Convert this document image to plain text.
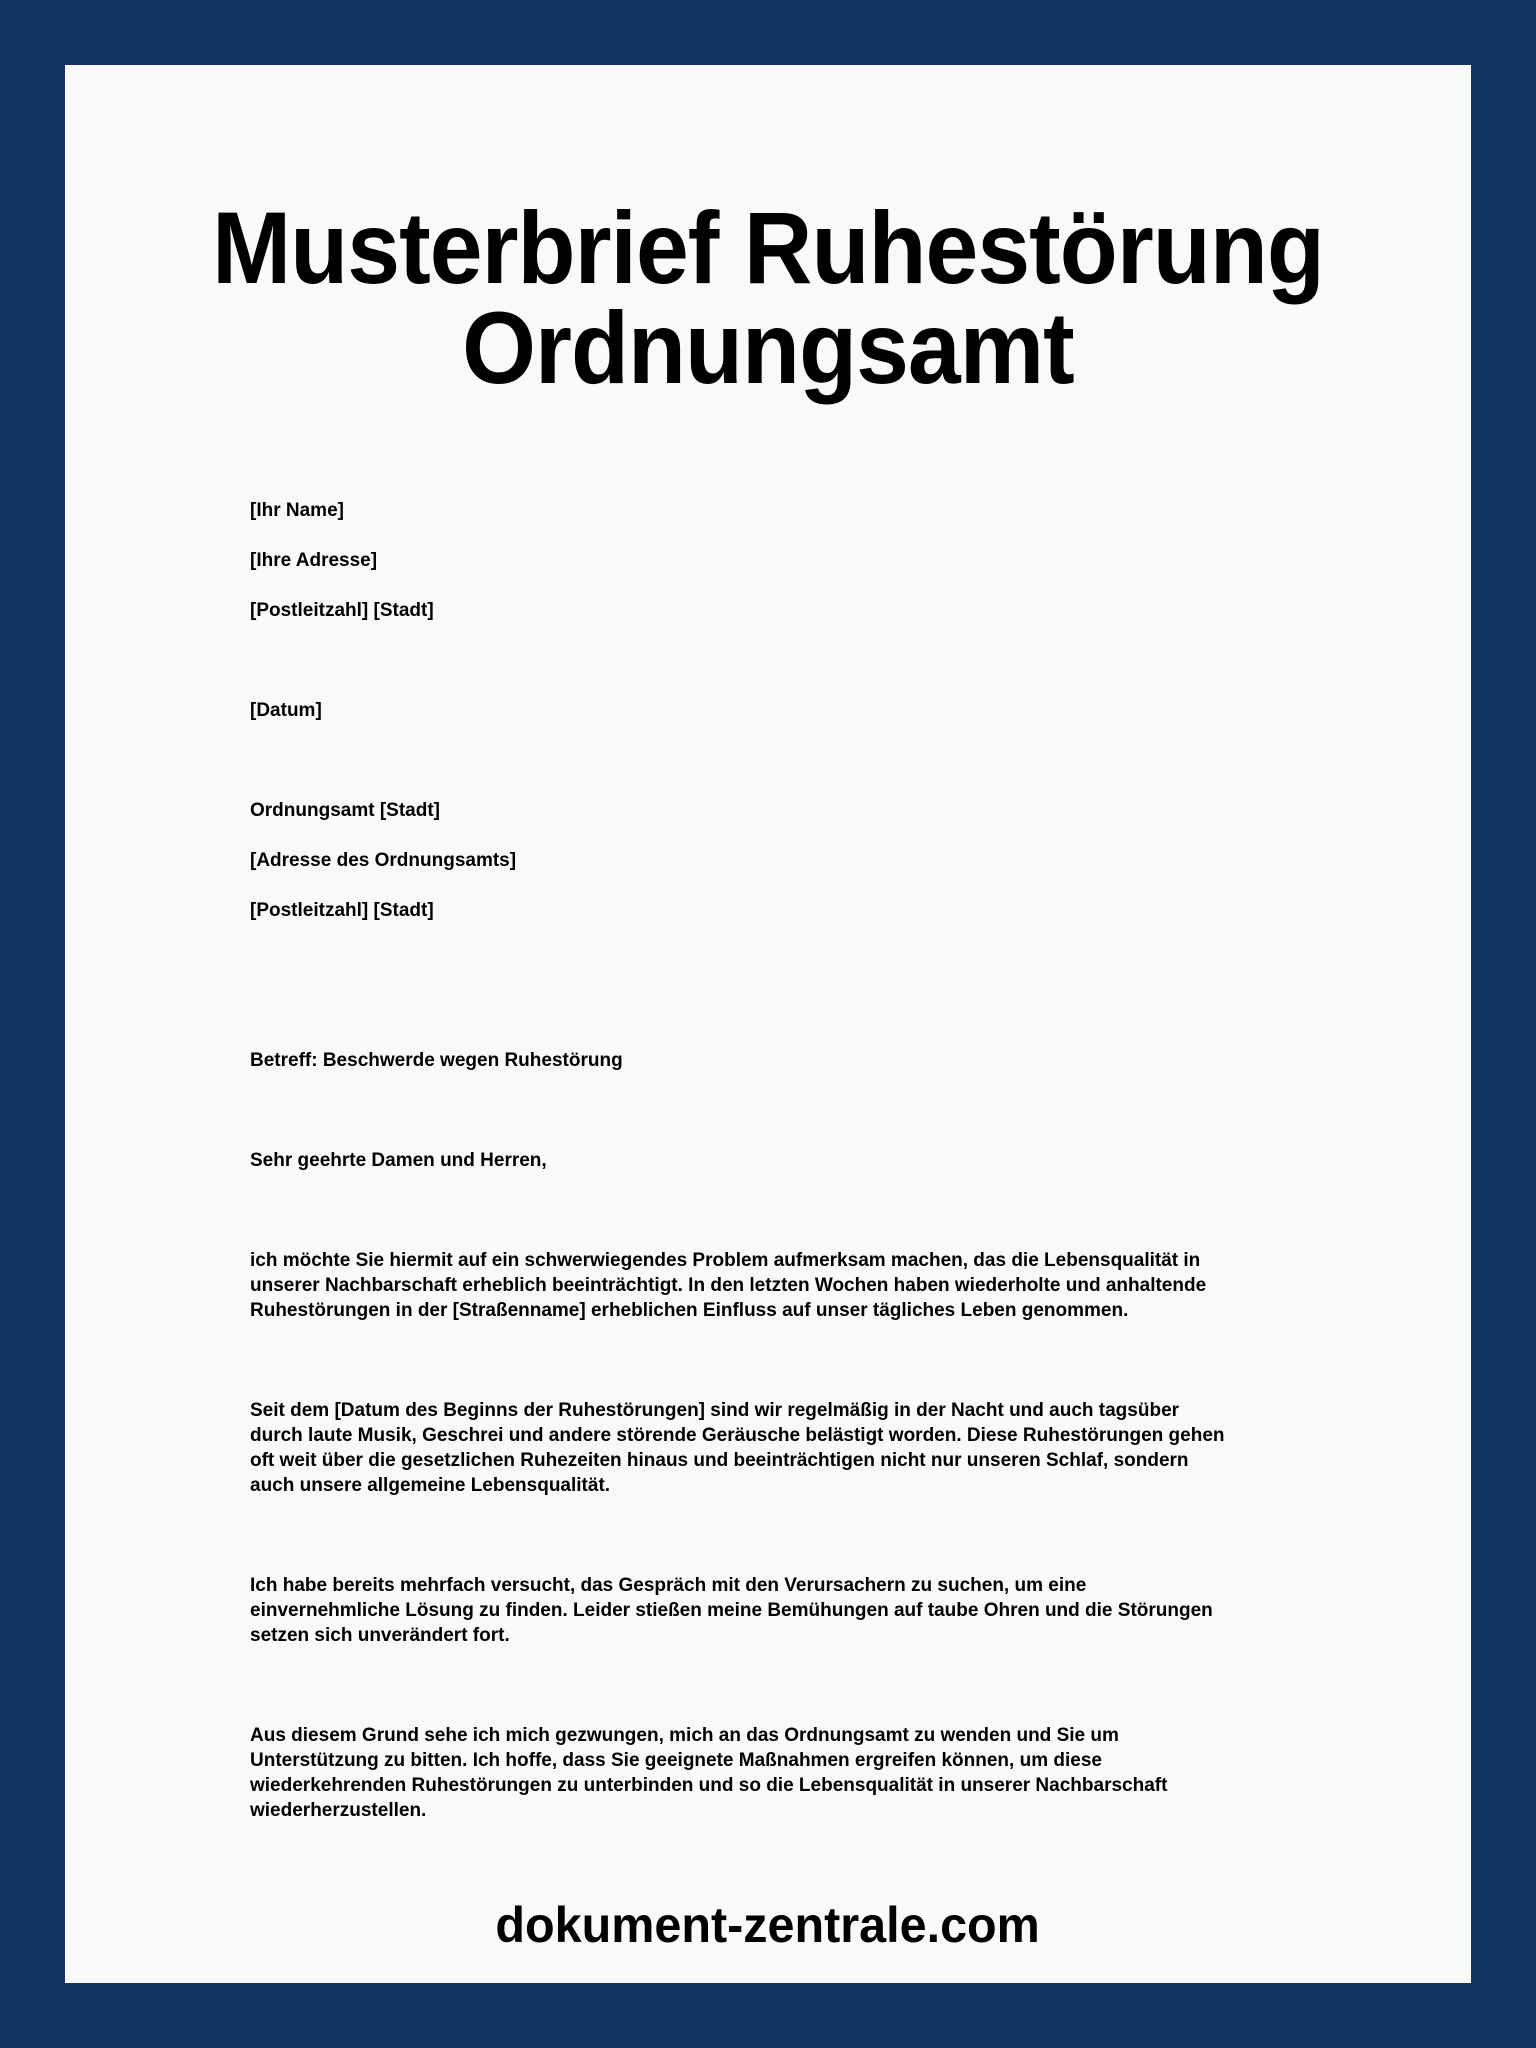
Musterbrief Ruhestörung
Ordnungsamt
[Ihr Name]
[Ihre Adresse]
[Postleitzahl] [Stadt]
[Datum]
Ordnungsamt [Stadt]
[Adresse des Ordnungsamts]
[Postleitzahl] [Stadt]
Betreff: Beschwerde wegen Ruhestörung
Sehr geehrte Damen und Herren,
ich möchte Sie hiermit auf ein schwerwiegendes Problem aufmerksam machen, das die Lebensqualität in
unserer Nachbarschaft erheblich beeinträchtigt. In den letzten Wochen haben wiederholte und anhaltende
Ruhestörungen in der [Straßenname] erheblichen Einfluss auf unser tägliches Leben genommen.
Seit dem [Datum des Beginns der Ruhestörungen] sind wir regelmäßig in der Nacht und auch tagsüber
durch laute Musik, Geschrei und andere störende Geräusche belästigt worden. Diese Ruhestörungen gehen
oft weit über die gesetzlichen Ruhezeiten hinaus und beeinträchtigen nicht nur unseren Schlaf, sondern
auch unsere allgemeine Lebensqualität.
Ich habe bereits mehrfach versucht, das Gespräch mit den Verursachern zu suchen, um eine
einvernehmliche Lösung zu finden. Leider stießen meine Bemühungen auf taube Ohren und die Störungen
setzen sich unverändert fort.
Aus diesem Grund sehe ich mich gezwungen, mich an das Ordnungsamt zu wenden und Sie um
Unterstützung zu bitten. Ich hoffe, dass Sie geeignete Maßnahmen ergreifen können, um diese
wiederkehrenden Ruhestörungen zu unterbinden und so die Lebensqualität in unserer Nachbarschaft
wiederherzustellen.
dokument-zentrale.com
